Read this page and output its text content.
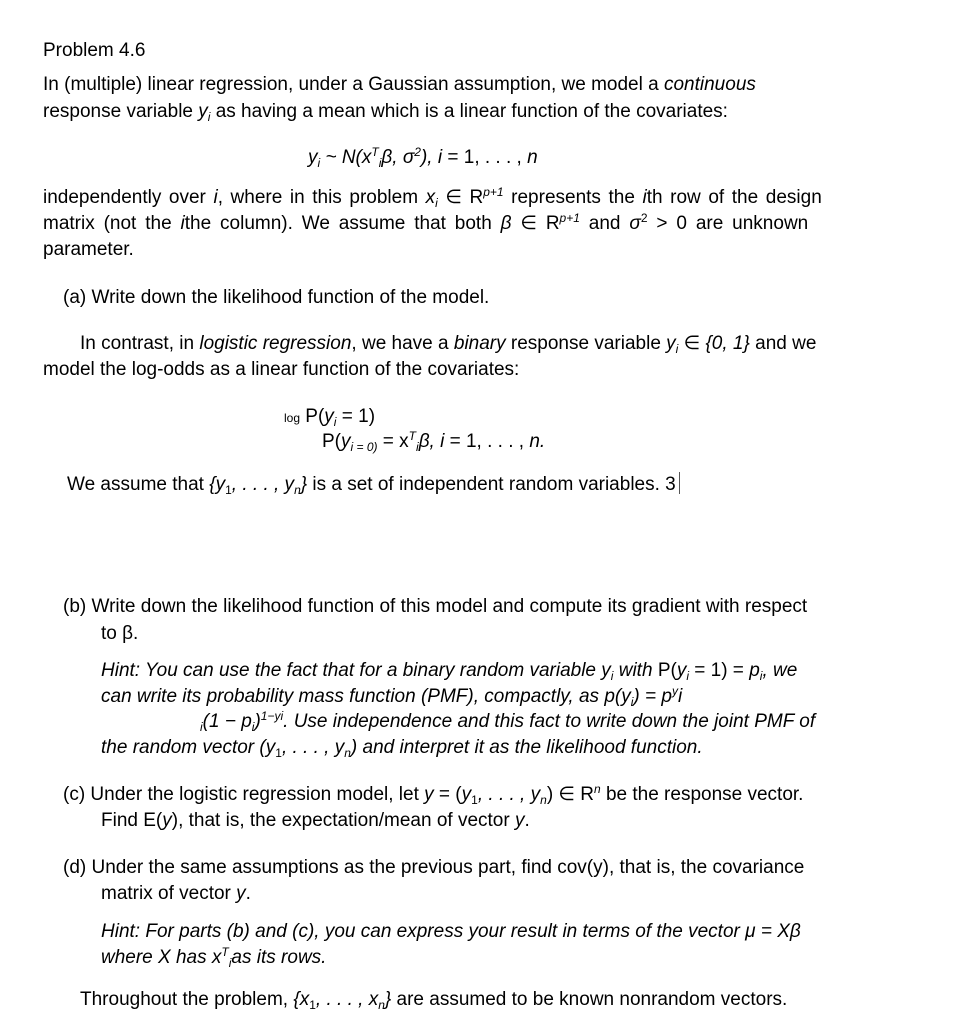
Problem 4.6
In (multiple) linear regression, under a Gaussian assumption, we model a continuous
response variable $y_i$ as having a mean which is a linear function of the covariates:
$y_i$ ~ $N(x^T_i\beta$, $\sigma^2$), i = 1, . . . , n
independently over i, where in this problem $x_i$ ∈ $R^{p+1}$ represents the ith row of the design
matrix (not the ithe column). We assume that both β ∈ $R^{p+1}$ and $\sigma^2 > 0$ are unknown
parameter.
(a) Write down the likelihood function of the model.
In contrast, in logistic regression, we have a binary response variable $y_i$ ∈ {0, 1} and we
model the log-odds as a linear function of the covariates:
$\log P(y_i = 1)$
$P(y_{i = 0)} = x^T_i\beta$, i = 1, . . . , n.
We assume that {$y_1$, . . . , $y_n$} is a set of independent random variables. 3
(b) Write down the likelihood function of this model and compute its gradient with respect
to β.
Hint: You can use the fact that for a binary random variable $y_i$ with $P(y_i = 1) = p_i$, we
can write its probability mass function (PMF), compactly, as $p(y_i) = p^yi$
$_i(1 - p_i)^{1-yi}$. Use independence and this fact to write down the joint PMF of
the random vector ($y_1$, . . . , $y_n$) and interpret it as the likelihood function.
(c) Under the logistic regression model, let $y = (y_1$, . . . , $y_n$) ∈ $R^n$ be the response vector.
Find E(y), that is, the expectation/mean of vector y.
(d) Under the same assumptions as the previous part, find cov(y), that is, the covariance
matrix of vector y.
Hint: For parts (b) and (c), you can express your result in terms of the vector μ = Xβ
where X has $x^T_ias$ its rows.
Throughout the problem, {$x_1$, . . . , $x_n$} are assumed to be known nonrandom vectors.
